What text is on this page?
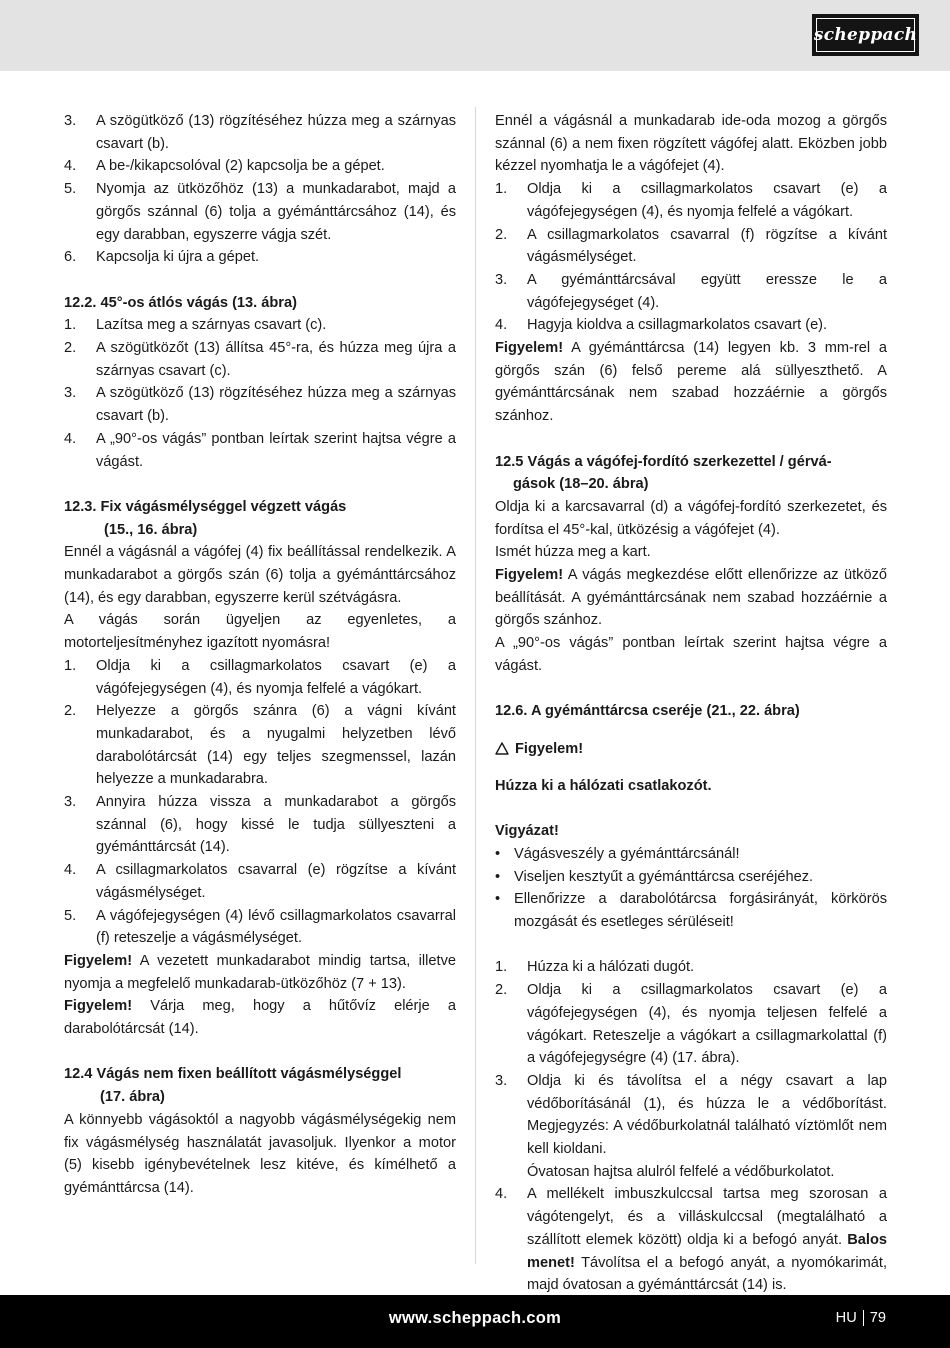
scheppach
3.	A szögütköző (13) rögzítéséhez húzza meg a szárnyas csavart (b).
4.	A be-/kikapcsolóval (2) kapcsolja be a gépet.
5.	Nyomja az ütközőhöz (13) a munkadarabot, majd a görgős szánnal (6) tolja a gyémánttárcsához (14), és egy darabban, egyszerre vágja szét.
6.	Kapcsolja ki újra a gépet.

12.2. 45°-os átlós vágás (13. ábra)

1.	Lazítsa meg a szárnyas csavart (c).
2.	A szögütközőt (13) állítsa 45°-ra, és húzza meg újra a szárnyas csavart (c).
3.	A szögütköző (13) rögzítéséhez húzza meg a szárnyas csavart (b).
4.	A „90°-os vágás” pontban leírtak szerint hajtsa végre a vágást.

12.3. Fix vágásmélységgel végzett vágás
(15., 16. ábra)

Ennél a vágásnál a vágófej (4) fix beállítással rendelkezik. A munkadarabot a görgős szán (6) tolja a gyémánttárcsához (14), és egy darabban, egyszerre kerül szétvágásra.

A vágás során ügyeljen az egyenletes, a motorteljesítményhez igazított nyomásra!

1.	Oldja ki a csillagmarkolatos csavart (e) a vágófejegységen (4), és nyomja felfelé a vágókart.
2.	Helyezze a görgős szánra (6) a vágni kívánt munkadarabot, és a nyugalmi helyzetben lévő darabolótárcsát (14) egy teljes szegmenssel, lazán helyezze a munkadarabra.
3.	Annyira húzza vissza a munkadarabot a görgős szánnal (6), hogy kissé le tudja süllyeszteni a gyémánttárcsát (14).
4.	A csillagmarkolatos csavarral (e) rögzítse a kívánt vágásmélységet.
5.	A vágófejegységen (4) lévő csillagmarkolatos csavarral (f) reteszelje a vágásmélységet.

Figyelem! A vezetett munkadarabot mindig tartsa, illetve nyomja a megfelelő munkadarab-ütközőhöz (7 + 13).

Figyelem! Várja meg, hogy a hűtővíz elérje a darabolótárcsát (14).

12.4 Vágás nem fixen beállított vágásmélységgel
(17. ábra)

A könnyebb vágásoktól a nagyobb vágásmélységekig nem fix vágásmélység használatát javasoljuk. Ilyenkor a motor (5) kisebb igénybevételnek lesz kitéve, és kímélhető a gyémánttárcsa (14).

Ennél a vágásnál a munkadarab ide-oda mozog a görgős szánnal (6) a nem fixen rögzített vágófej alatt. Eközben jobb kézzel nyomhatja le a vágófejet (4).

1.	Oldja ki a csillagmarkolatos csavart (e) a vágófejegységen (4), és nyomja felfelé a vágókart.
2.	A csillagmarkolatos csavarral (f) rögzítse a kívánt vágásmélységet.
3.	A gyémánttárcsával együtt eressze le a vágófejegységet (4).
4.	Hagyja kioldva a csillagmarkolatos csavart (e).

Figyelem! A gyémánttárcsa (14) legyen kb. 3 mm-rel a görgős szán (6) felső pereme alá süllyeszthető. A gyémánttárcsának nem szabad hozzáérnie a görgős szánhoz.

12.5 Vágás a vágófej-fordító szerkezettel / gérvá-
gások (18–20. ábra)

Oldja ki a karcsavarral (d) a vágófej-fordító szerkezetet, és fordítsa el 45°-kal, ütközésig a vágófejet (4).

Ismét húzza meg a kart.

Figyelem! A vágás megkezdése előtt ellenőrizze az ütköző beállítását. A gyémánttárcsának nem szabad hozzáérnie a görgős szánhoz.

A „90°-os vágás” pontban leírtak szerint hajtsa végre a vágást.

12.6. A gyémánttárcsa cseréje (21., 22. ábra)

Figyelem!

Húzza ki a hálózati csatlakozót.

Vigyázat!

• Vágásveszély a gyémánttárcsánál!
• Viseljen kesztyűt a gyémánttárcsa cseréjéhez.
• Ellenőrizze a darabolótárcsa forgásirányát, körkörös mozgását és esetleges sérüléseit!
1.	Húzza ki a hálózati dugót.
2.	Oldja ki a csillagmarkolatos csavart (e) a vágófejegységen (4), és nyomja teljesen felfelé a vágókart. Reteszelje a vágókart a csillagmarkolattal (f) a vágófejegységre (4) (17. ábra).
3.	Oldja ki és távolítsa el a négy csavart a lap védőborításánál (1), és húzza le a védőborítást. Megjegyzés: A védőburkolatnál található víztömlőt nem kell kioldani.
Óvatosan hajtsa alulról felfelé a védőburkolatot.
4.	A mellékelt imbuszkulccsal tartsa meg szorosan a vágótengelyt, és a villáskulccsal (megtalálható a szállított elemek között) oldja ki a befogó anyát. Balos menet! Távolítsa el a befogó anyát, a nyomókarimát, majd óvatosan a gyémánttárcsát (14) is.
www.scheppach.com	HU 79
